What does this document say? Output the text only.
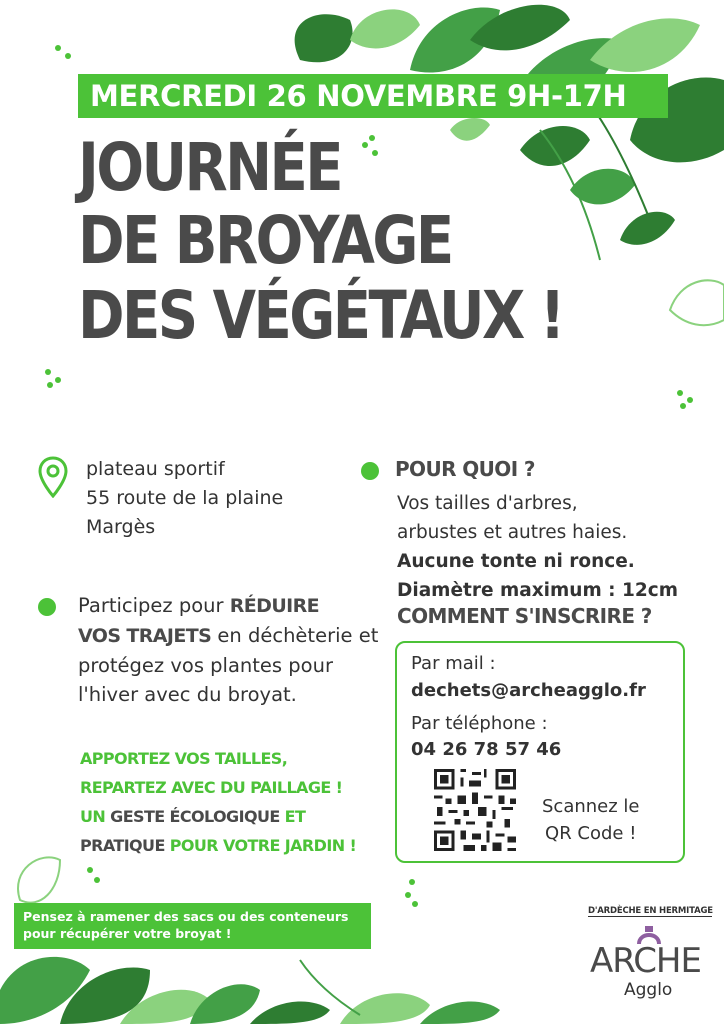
MERCREDI 26 NOVEMBRE 9H-17H
JOURNÉE
DE BROYAGE
DES VÉGÉTAUX !
plateau sportif
55 route de la plaine
Margès
Participez pour RÉDUIRE
VOS TRAJETS en déchèterie et
protégez vos plantes pour
l'hiver avec du broyat.
APPORTEZ VOS TAILLES,
REPARTEZ AVEC DU PAILLAGE !
UN GESTE ÉCOLOGIQUE ET
PRATIQUE POUR VOTRE JARDIN !
POUR QUOI ?
Vos tailles d'arbres,
arbustes et autres haies.
Aucune tonte ni ronce.
Diamètre maximum : 12cm
COMMENT S'INSCRIRE ?
Par mail :
dechets@archeagglo.fr
Par téléphone :
04 26 78 57 46
Scannez le
QR Code !
Pensez à ramener des sacs ou des conteneurs
pour récupérer votre broyat !
D'ARDÈCHE EN HERMITAGE
ARCHE
Agglo
